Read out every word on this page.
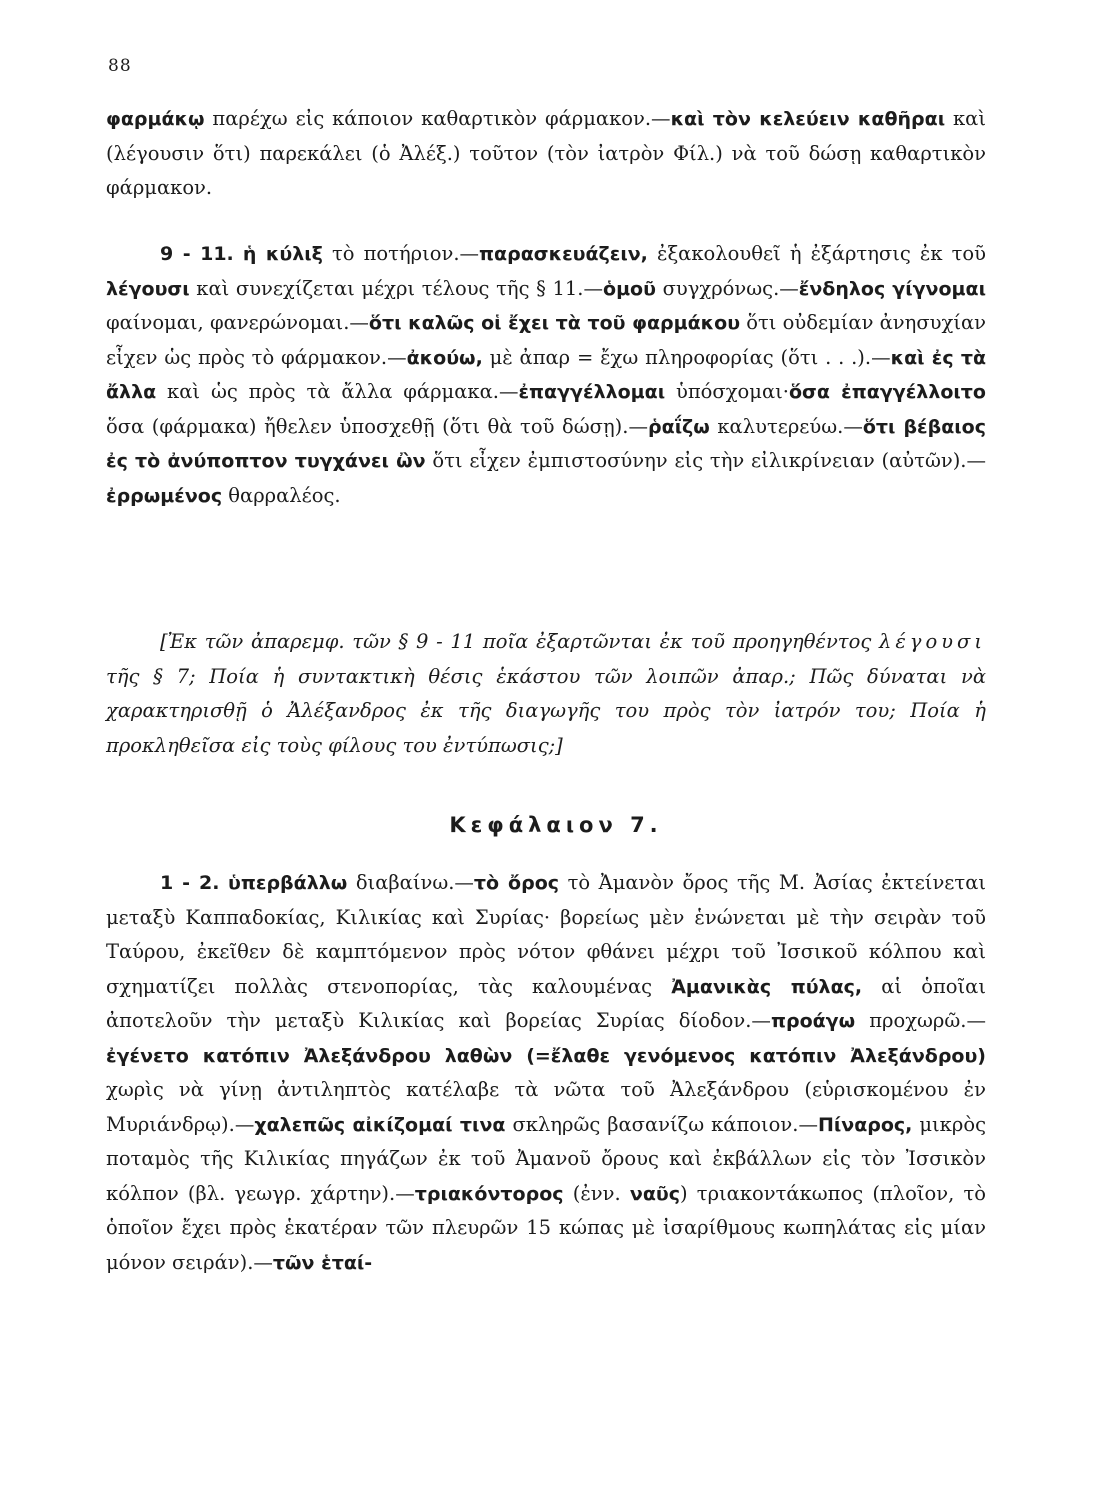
88

φαρμάκῳ παρέχω εἰς κάποιον καθαρτικὸν φάρμακον.—καὶ τὸν κελεύειν καθῆραι καὶ (λέγουσιν ὅτι) παρεκάλει (ὁ Ἀλέξ.) τοῦτον (τὸν ἰατρὸν Φίλ.) νὰ τοῦ δώσῃ καθαρτικὸν φάρμακον.

9 - 11. ἡ κύλιξ τὸ ποτήριον.—παρασκευάζειν, ἐξακολουθεῖ ἡ ἐξάρτησις ἐκ τοῦ λέγουσι καὶ συνεχίζεται μέχρι τέλους τῆς § 11.—ὁμοῦ συγχρόνως.—ἔνδηλος γίγνομαι φαίνομαι, φανερώνομαι.—ὅτι καλῶς οἱ ἔχει τὰ τοῦ φαρμάκου ὅτι οὐδεμίαν ἀνησυχίαν εἶχεν ὡς πρὸς τὸ φάρμακον.—ἀκούω, μὲ ἀπαρ = ἔχω πληροφορίας (ὅτι . . .).—καὶ ἐς τὰ ἄλλα καὶ ὡς πρὸς τὰ ἄλλα φάρμακα.—ἐπαγγέλλομαι ὑπόσχομαι·ὅσα ἐπαγγέλλοιτο ὅσα (φάρμακα) ἤθελεν ὑποσχεθῇ (ὅτι θὰ τοῦ δώσῃ).—ῥαΐζω καλυτερεύω.—ὅτι βέβαιος ἐς τὸ ἀνύποπτον τυγχάνει ὢν ὅτι εἶχεν ἐμπιστοσύνην εἰς τὴν εἰλικρίνειαν (αὐτῶν).—ἐρρωμένος θαρραλέος.

[Ἐκ τῶν ἀπαρεμφ. τῶν § 9 - 11 ποῖα ἐξαρτῶνται ἐκ τοῦ προηγηθέντος λέγουσι τῆς § 7; Ποία ἡ συντακτικὴ θέσις ἑκάστου τῶν λοιπῶν ἀπαρ.; Πῶς δύναται νὰ χαρακτηρισθῇ ὁ Ἀλέξανδρος ἐκ τῆς διαγωγῆς του πρὸς τὸν ἰατρόν του; Ποία ἡ προκληθεῖσα εἰς τοὺς φίλους του ἐντύπωσις;]

Κεφάλαιον 7.

1 - 2. ὑπερβάλλω διαβαίνω.—τὸ ὄρος τὸ Ἀμανὸν ὄρος τῆς Μ. Ἀσίας ἐκτείνεται μεταξὺ Καππαδοκίας, Κιλικίας καὶ Συρίας· βορείως μὲν ἑνώνεται μὲ τὴν σειρὰν τοῦ Ταύρου, ἐκεῖθεν δὲ καμπτόμενον πρὸς νότον φθάνει μέχρι τοῦ Ἰσσικοῦ κόλπου καὶ σχηματίζει πολλὰς στενοπορίας, τὰς καλουμένας Ἀμανικὰς πύλας, αἱ ὁποῖαι ἀποτελοῦν τὴν μεταξὺ Κιλικίας καὶ βορείας Συρίας δίοδον.—προάγω προχωρῶ.—ἐγένετο κατόπιν Ἀλεξάνδρου λαθὼν (=ἔλαθε γενόμενος κατόπιν Ἀλεξάνδρου) χωρὶς νὰ γίνῃ ἀντιληπτὸς κατέλαβε τὰ νῶτα τοῦ Ἀλεξάνδρου (εὑρισκομένου ἐν Μυριάνδρῳ).—χαλεπῶς αἰκίζομαί τινα σκληρῶς βασανίζω κάποιον.—Πίναρος, μικρὸς ποταμὸς τῆς Κιλικίας πηγάζων ἐκ τοῦ Ἀμανοῦ ὄρους καὶ ἐκβάλλων εἰς τὸν Ἰσσικὸν κόλπον (βλ. γεωγρ. χάρτην).—τριακόντορος (ἐνν. ναῦς) τριακοντάκωπος (πλοῖον, τὸ ὁποῖον ἔχει πρὸς ἑκατέραν τῶν πλευρῶν 15 κώπας μὲ ἰσαρίθμους κωπηλάτας εἰς μίαν μόνον σειράν).—τῶν ἑταί-
